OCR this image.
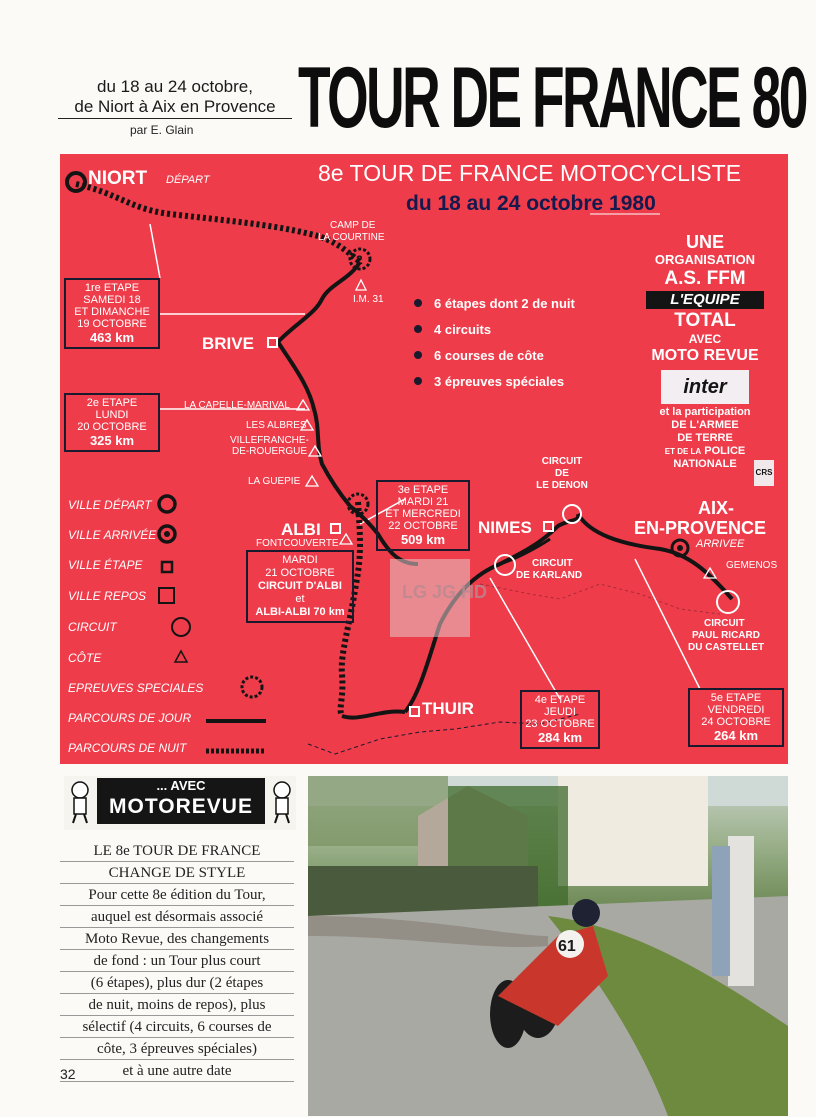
du 18 au 24 octobre,
de Niort à Aix en Provence
par E. Glain TOUR DE FRANCE 80
2
8e TOUR DE FRANCE MOTOCYCLISTE
du 18 au 24 octobre 1980
NIORT DÉPART
BRIVE
ALBI	NIMES
THUIR
AIX-
EN-PROVENCE
ARRIVEE
CAMP DE
LA COURTINE
I.M. 31
LA CAPELLE-MARIVAL
LES ALBRES
VILLEFRANCHE-
DE-ROUERGUE
LA GUEPIE
FONTCOUVERTE
GEMENOS
CIRCUIT
DE
LE DENON
CIRCUIT
DE KARLAND
CIRCUIT
PAUL RICARD
DU CASTELLET
6 étapes dont 2 de nuit
4 circuits
6 courses de côte
3 épreuves spéciales
1re ETAPE
SAMEDI 18
ET DIMANCHE
19 OCTOBRE
463 km
2e ETAPE
LUNDI
20 OCTOBRE
325 km
3e ETAPE
MARDI 21
ET MERCREDI
22 OCTOBRE
509 km
4e ETAPE
JEUDI
23 OCTOBRE
284 km
5e ETAPE
VENDREDI
24 OCTOBRE
264 km
MARDI
21 OCTOBRE
CIRCUIT D'ALBI
et
ALBI-ALBI 70 km
UNE
ORGANISATION
A.S. FFM
L'EQUIPE
TOTAL
AVEC
MOTO REVUE
inter
et la participation
DE L'ARMEE
DE TERRE
ET DE LA POLICE
NATIONALE
CRS
VILLE DÉPART
VILLE ARRIVÉE
VILLE ÉTAPE
VILLE REPOS
CIRCUIT
CÔTE
EPREUVES SPECIALES
PARCOURS DE JOUR
PARCOURS DE NUIT
LG JG HD
... AVEC
MOTOREVUE
LE 8e TOUR DE FRANCE
CHANGE DE STYLE
Pour cette 8e édition du Tour,
auquel est désormais associé
Moto Revue, des changements
de fond : un Tour plus court
(6 étapes), plus dur (2 étapes
de nuit, moins de repos), plus
sélectif (4 circuits, 6 courses de
côte, 3 épreuves spéciales)
et à une autre date
32
61
